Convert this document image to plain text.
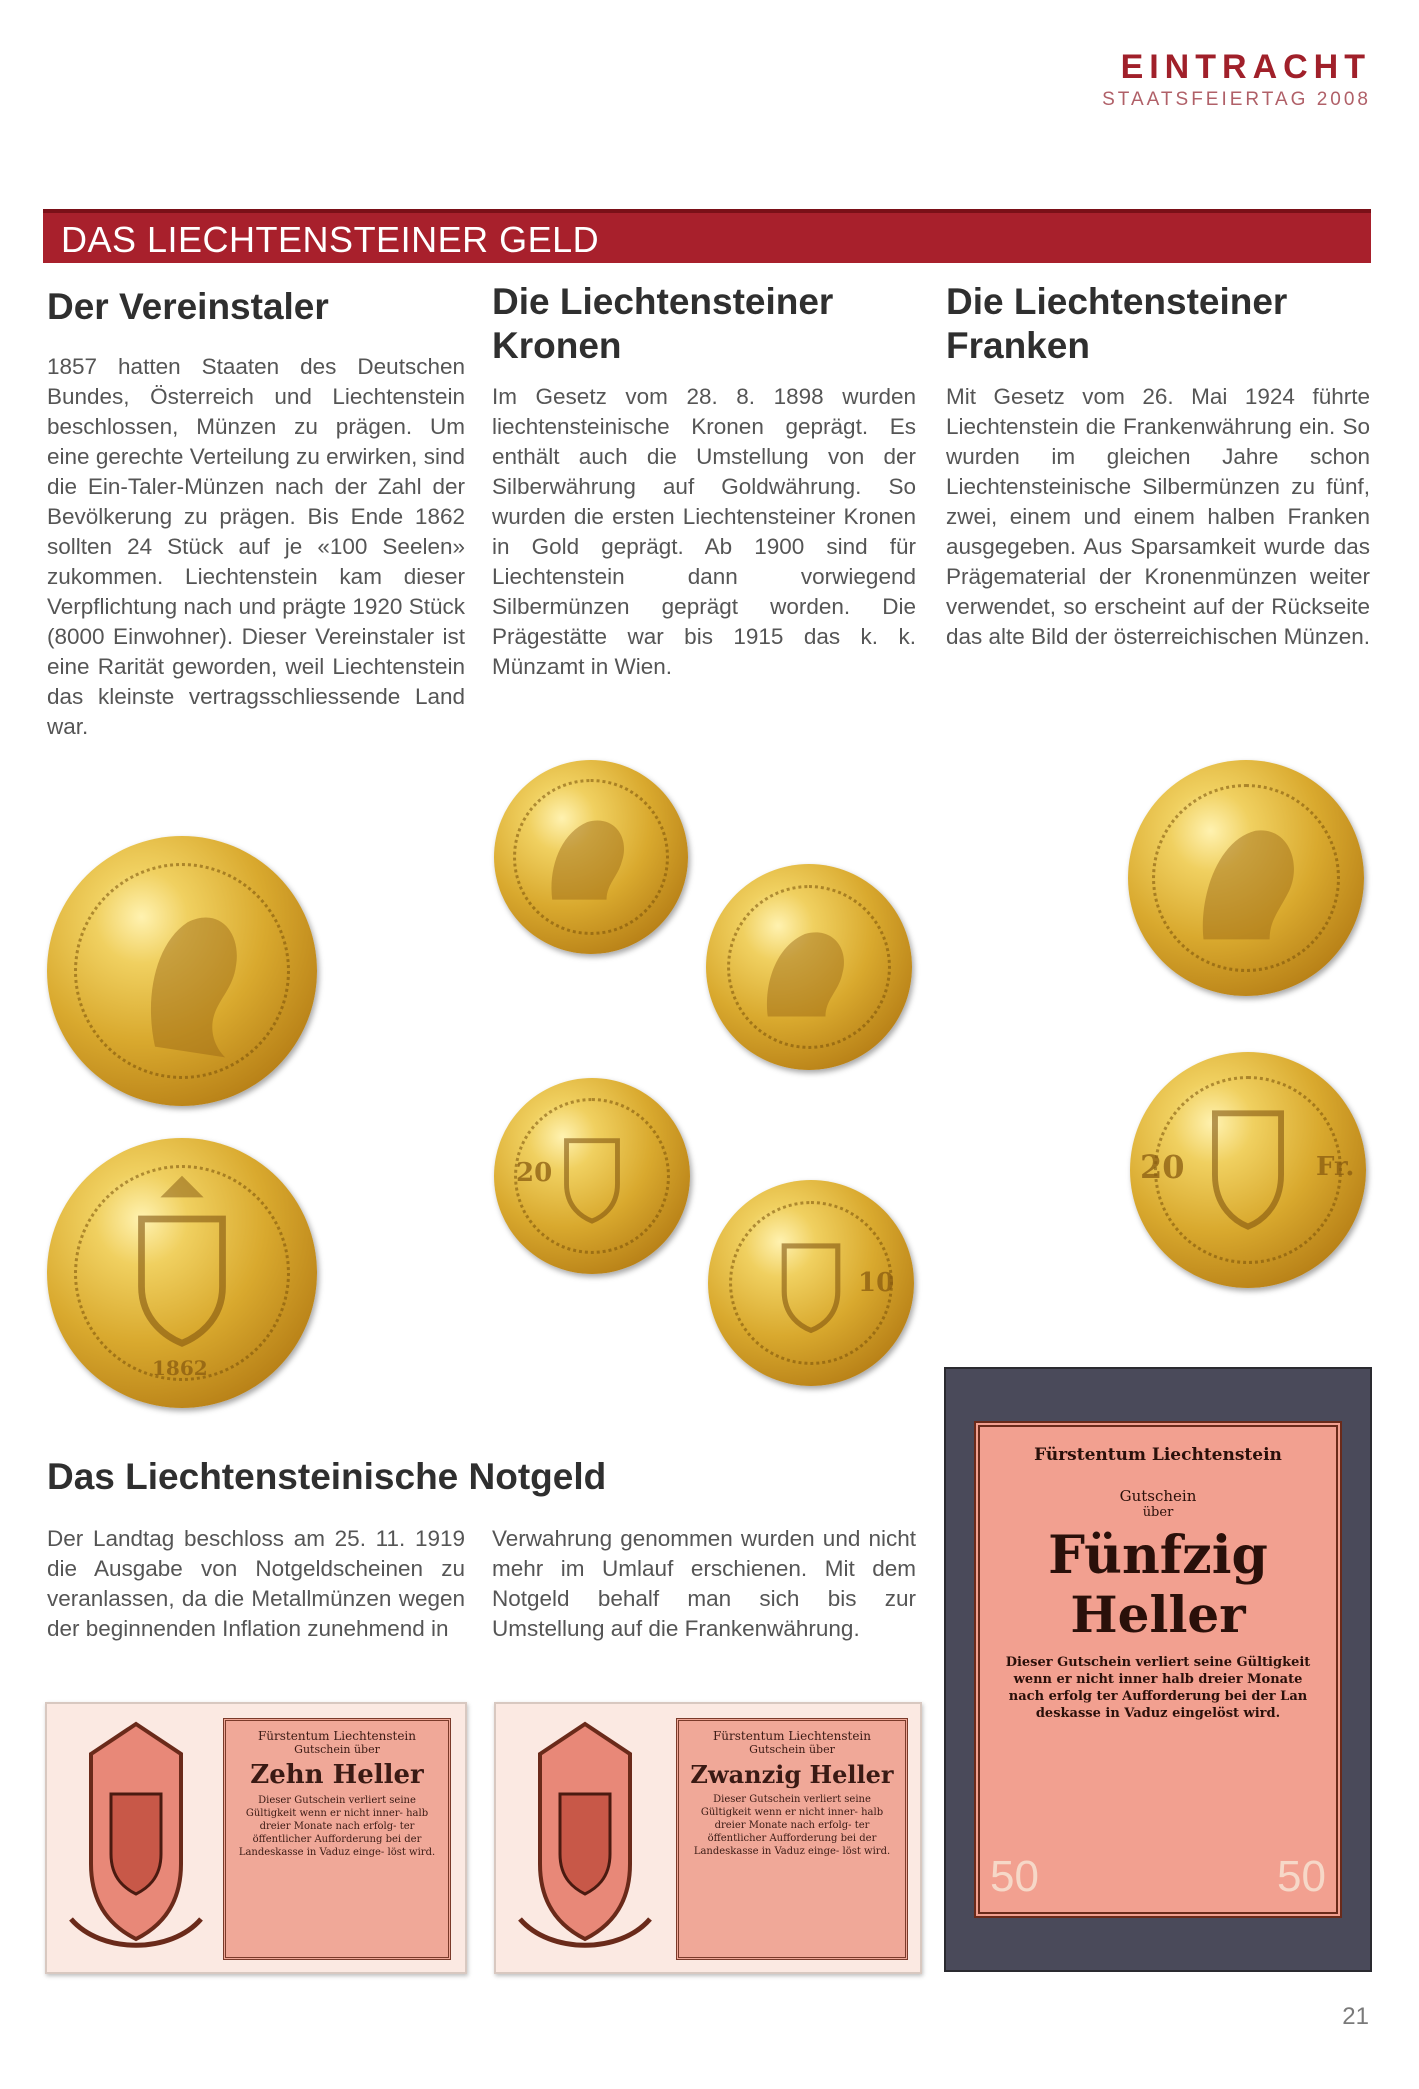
EINTRACHT
STAATSFEIERTAG 2008
DAS LIECHTENSTEINER GELD
Der Vereinstaler
1857 hatten Staaten des Deutschen Bundes, Österreich und Liechtenstein beschlossen, Münzen zu prägen. Um eine gerechte Verteilung zu erwirken, sind die Ein-Taler-Münzen nach der Zahl der Bevölkerung zu prägen. Bis Ende 1862 sollten 24 Stück auf je «100 Seelen» zukommen. Liechtenstein kam dieser Verpflichtung nach und prägte 1920 Stück (8000 Einwohner). Dieser Vereinstaler ist eine Rarität geworden, weil Liechtenstein das kleinste vertragsschliessende Land war.
Die Liechtensteiner Kronen
Im Gesetz vom 28. 8. 1898 wurden liechtensteinische Kronen geprägt. Es enthält auch die Umstellung von der Silberwährung auf Goldwährung. So wurden die ersten Liechtensteiner Kronen in Gold geprägt. Ab 1900 sind für Liechtenstein dann vorwiegend Silbermünzen geprägt worden. Die Prägestätte war bis 1915 das k. k. Münzamt in Wien.
Die Liechtensteiner Franken
Mit Gesetz vom 26. Mai 1924 führte Liechtenstein die Frankenwährung ein. So wurden im gleichen Jahre schon Liechtensteinische Silbermünzen zu fünf, zwei, einem und einem halben Franken ausgegeben. Aus Sparsamkeit wurde das Prägematerial der Kronenmünzen weiter verwendet, so erscheint auf der Rückseite das alte Bild der österreichischen Münzen.
1862
20
10
20	Fr.
Das Liechtensteinische Notgeld
Der Landtag beschloss am 25. 11. 1919 die Ausgabe von Notgeldscheinen zu veranlassen, da die Metallmünzen wegen der beginnenden Inflation zunehmend in
Verwahrung genommen wurden und nicht mehr im Umlauf erschienen. Mit dem Notgeld behalf man sich bis zur Umstellung auf die Frankenwährung.
Fürstentum Liechtenstein
Gutschein über
Zehn Heller
Dieser Gutschein verliert seine Gültigkeit wenn er nicht inner- halb dreier Monate nach erfolg- ter öffentlicher Aufforderung bei der Landeskasse in Vaduz einge- löst wird.
Fürstentum Liechtenstein
Gutschein über
Zwanzig Heller
Dieser Gutschein verliert seine Gültigkeit wenn er nicht inner- halb dreier Monate nach erfolg- ter öffentlicher Aufforderung bei der Landeskasse in Vaduz einge- löst wird.
Fürstentum Liechtenstein
Gutschein
über
Fünfzig
Heller
Dieser Gutschein verliert seine Gültigkeit wenn er nicht inner halb dreier Monate nach erfolg ter Aufforderung bei der Lan deskasse in Vaduz eingelöst wird.
50	50
21
